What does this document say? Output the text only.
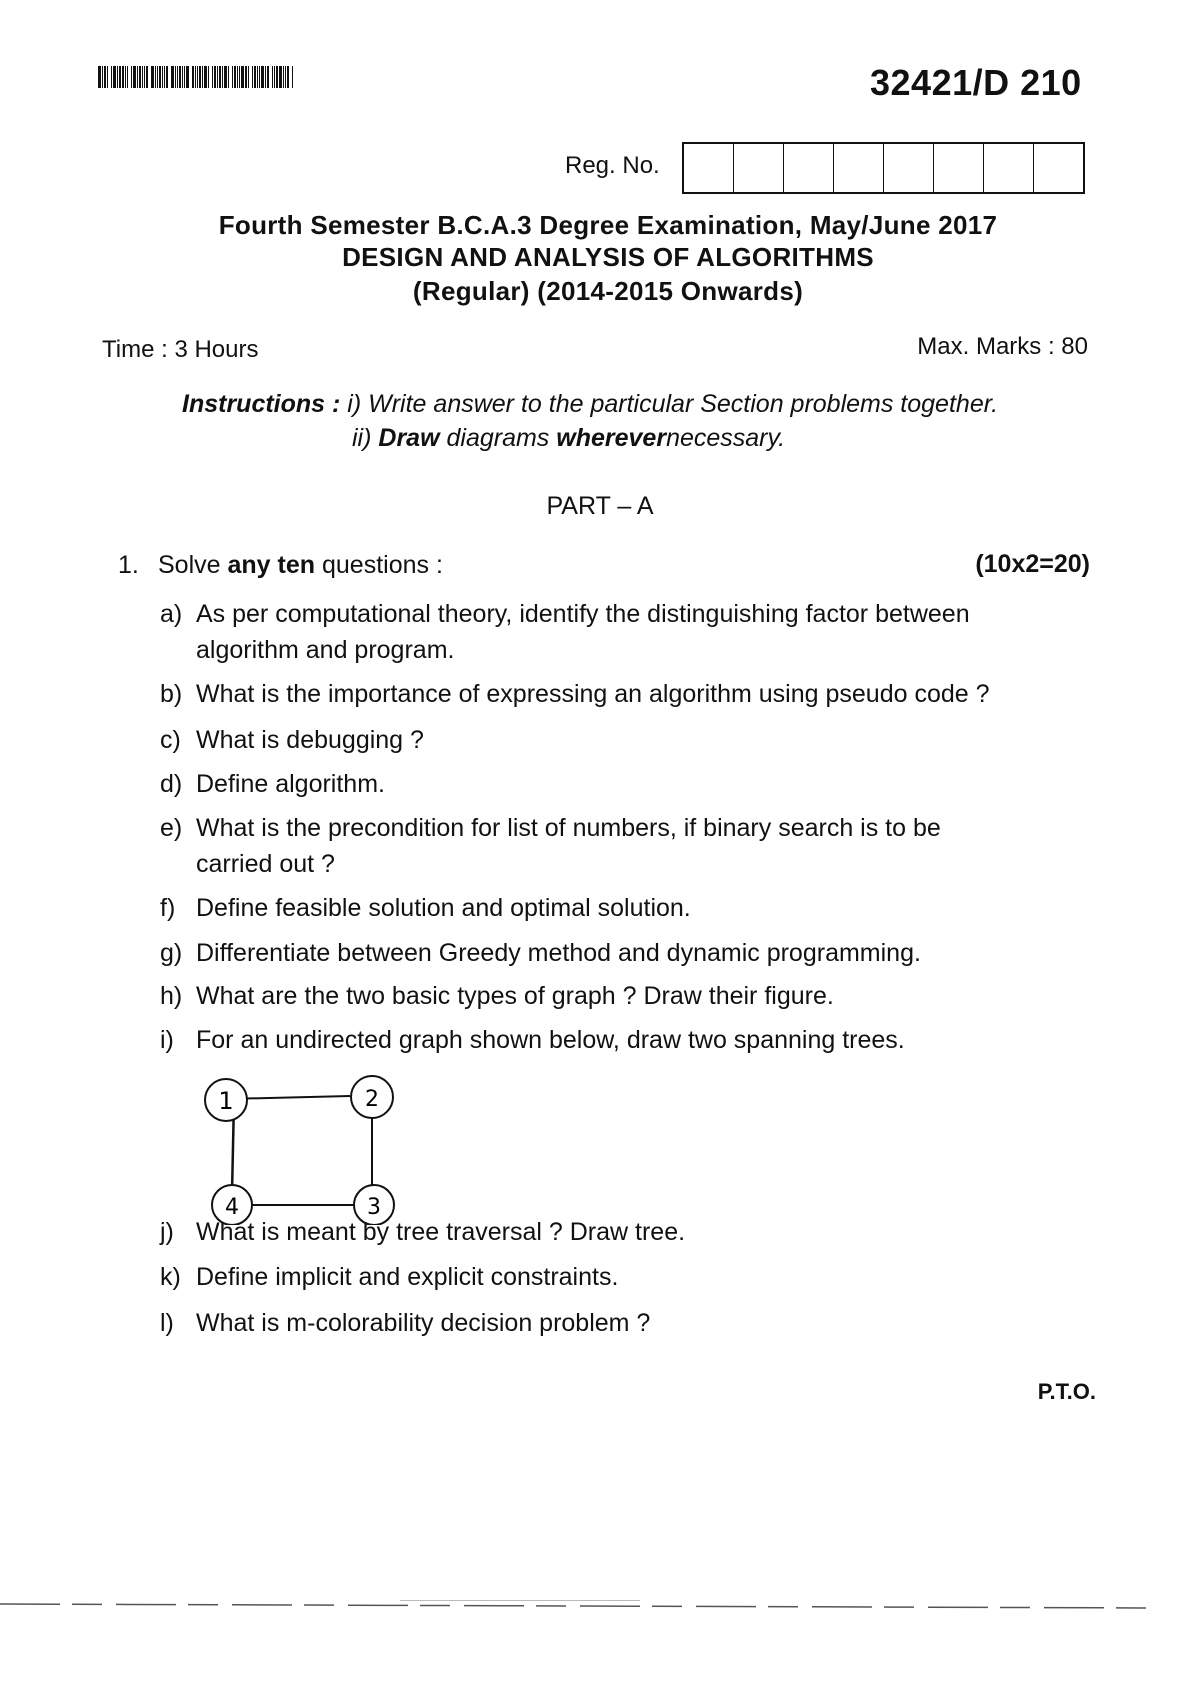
32421/D 210
Reg. No.
Fourth Semester B.C.A.3 Degree Examination, May/June 2017
DESIGN AND ANALYSIS OF ALGORITHMS
(Regular) (2014-2015 Onwards)
Time : 3 Hours	Max. Marks : 80
Instructions : i) Write answer to the particular Section problems together.
ii) Draw diagrams wherevernecessary.
PART – A
1. Solve any ten questions :	(10x2=20)
a) As per computational theory, identify the distinguishing factor between
algorithm and program.
b) What is the importance of expressing an algorithm using pseudo code ?
c) What is debugging ?
d) Define algorithm.
e) What is the precondition for list of numbers, if binary search is to be
carried out ?
f) Define feasible solution and optimal solution.
g) Differentiate between Greedy method and dynamic programming.
h) What are the two basic types of graph ? Draw their figure.
i) For an undirected graph shown below, draw two spanning trees.
1	2
3
4
j) What is meant by tree traversal ? Draw tree.
k) Define implicit and explicit constraints.
l) What is m-colorability decision problem ?
P.T.O.
